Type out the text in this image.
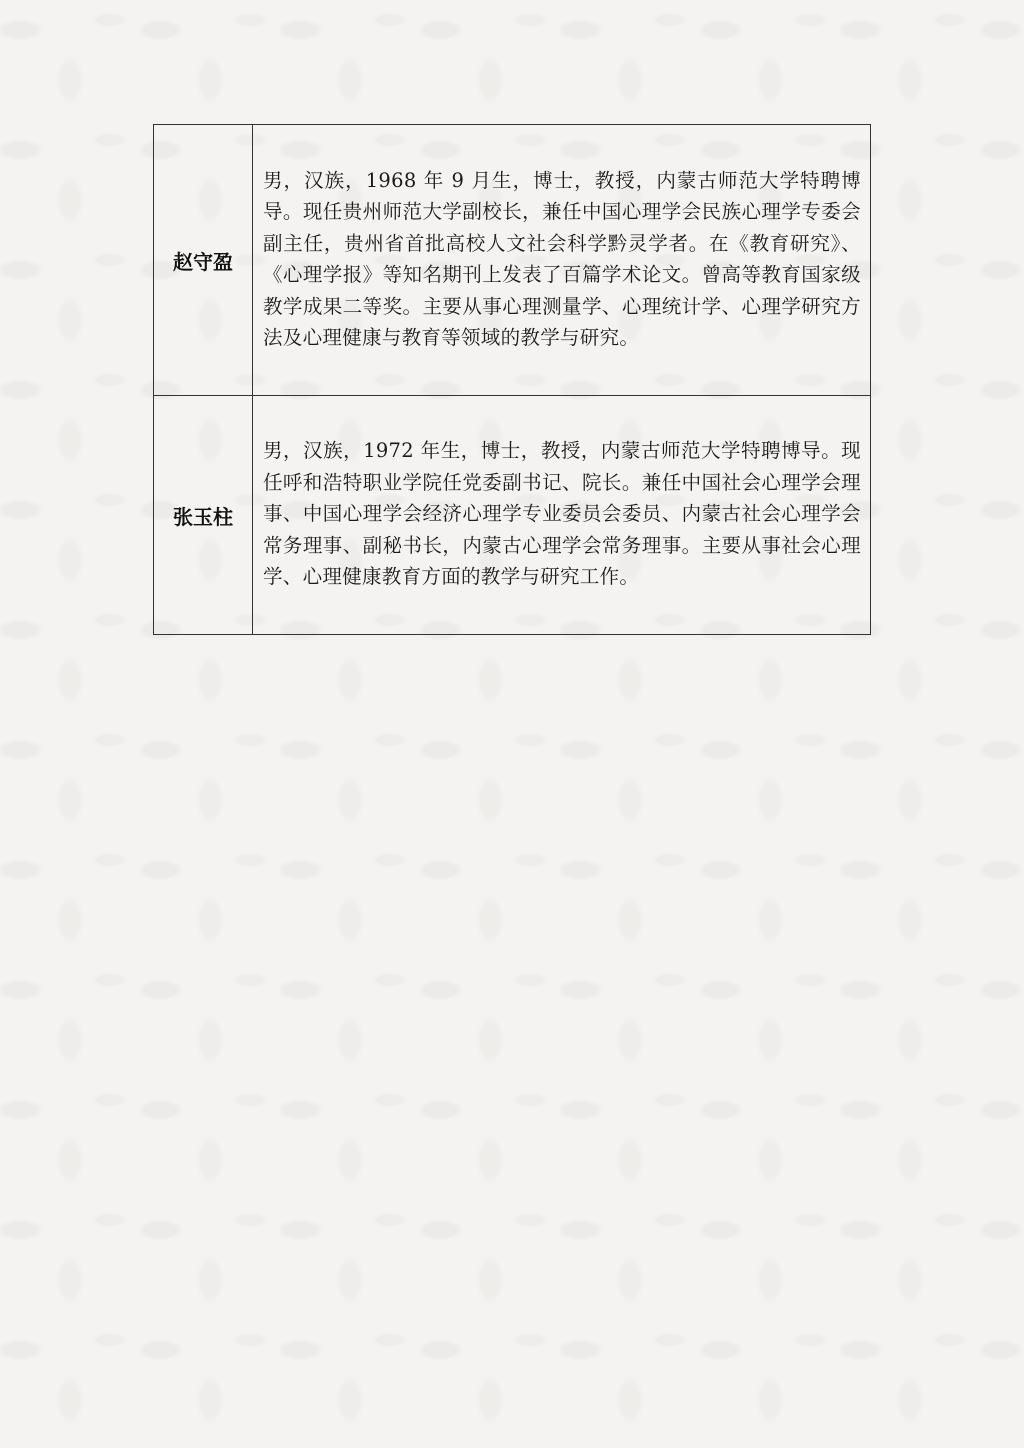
赵守盈	男，汉族，1968 年 9 月生，博士，教授，内蒙古师范大学特聘博导。现任贵州师范大学副校长，兼任中国心理学会民族心理学专委会副主任，贵州省首批高校人文社会科学黔灵学者。在《教育研究》、《心理学报》等知名期刊上发表了百篇学术论文。曾高等教育国家级教学成果二等奖。主要从事心理测量学、心理统计学、心理学研究方法及心理健康与教育等领域的教学与研究。
张玉柱	男，汉族，1972 年生，博士，教授，内蒙古师范大学特聘博导。现任呼和浩特职业学院任党委副书记、院长。兼任中国社会心理学会理事、中国心理学会经济心理学专业委员会委员、内蒙古社会心理学会常务理事、副秘书长，内蒙古心理学会常务理事。主要从事社会心理学、心理健康教育方面的教学与研究工作。
